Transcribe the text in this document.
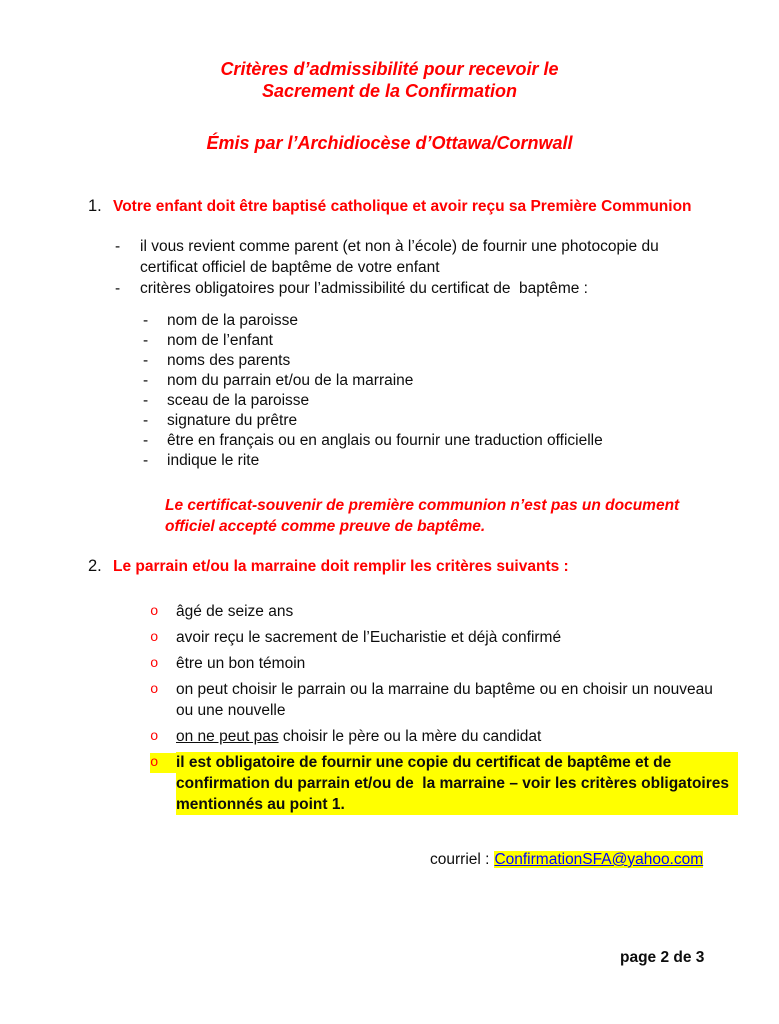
Critères d’admissibilité pour recevoir le
Sacrement de la Confirmation
Émis par l’Archidiocèse d’Ottawa/Cornwall
1. Votre enfant doit être baptisé catholique et avoir reçu sa Première Communion
- il vous revient comme parent (et non à l’école) de fournir une photocopie du certificat officiel de baptême de votre enfant
- critères obligatoires pour l’admissibilité du certificat de  baptême :
- nom de la paroisse
- nom de l’enfant
- noms des parents
- nom du parrain et/ou de la marraine
- sceau de la paroisse
- signature du prêtre
- être en français ou en anglais ou fournir une traduction officielle
- indique le rite
Le certificat-souvenir de première communion n’est pas un document officiel accepté comme preuve de baptême.
2. Le parrain et/ou la marraine doit remplir les critères suivants :
o âgé de seize ans
o avoir reçu le sacrement de l’Eucharistie et déjà confirmé
o être un bon témoin
o on peut choisir le parrain ou la marraine du baptême ou en choisir un nouveau ou une nouvelle
o on ne peut pas choisir le père ou la mère du candidat
o	il est obligatoire de fournir une copie du certificat de baptême et de confirmation du parrain et/ou de  la marraine – voir les critères obligatoires mentionnés au point 1.
courriel : ConfirmationSFA@yahoo.com
page 2 de 3
